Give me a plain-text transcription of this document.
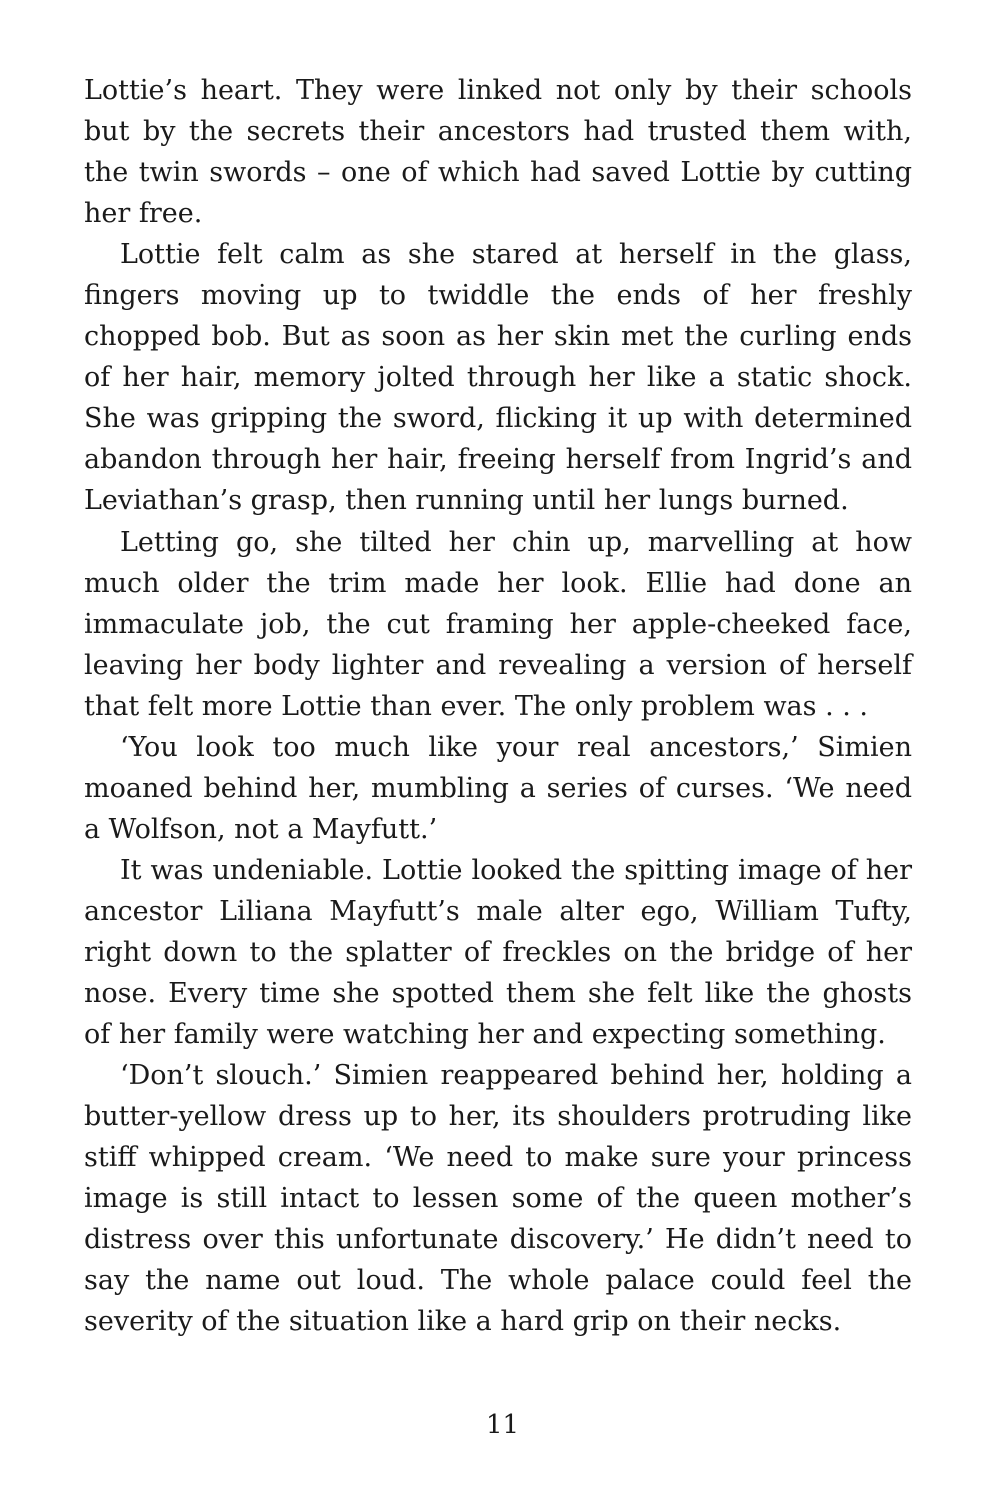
Lottie’s heart. They were linked not only by their schools but by the secrets their ancestors had trusted them with, the twin swords – one of which had saved Lottie by cutting her free.

Lottie felt calm as she stared at herself in the glass, fingers moving up to twiddle the ends of her freshly chopped bob. But as soon as her skin met the curling ends of her hair, memory jolted through her like a static shock. She was gripping the sword, flicking it up with determined abandon through her hair, freeing herself from Ingrid’s and Leviathan’s grasp, then running until her lungs burned.

Letting go, she tilted her chin up, marvelling at how much older the trim made her look. Ellie had done an immaculate job, the cut framing her apple-cheeked face, leaving her body lighter and revealing a version of herself that felt more Lottie than ever. The only problem was . . .

‘You look too much like your real ancestors,’ Simien moaned behind her, mumbling a series of curses. ‘We need a Wolfson, not a Mayfutt.’

It was undeniable. Lottie looked the spitting image of her ancestor Liliana Mayfutt’s male alter ego, William Tufty, right down to the splatter of freckles on the bridge of her nose. Every time she spotted them she felt like the ghosts of her family were watching her and expecting something.

‘Don’t slouch.’ Simien reappeared behind her, holding a butter-yellow dress up to her, its shoulders protruding like stiff whipped cream. ‘We need to make sure your princess image is still intact to lessen some of the queen mother’s distress over this unfortunate discovery.’ He didn’t need to say the name out loud. The whole palace could feel the severity of the situation like a hard grip on their necks.

11
